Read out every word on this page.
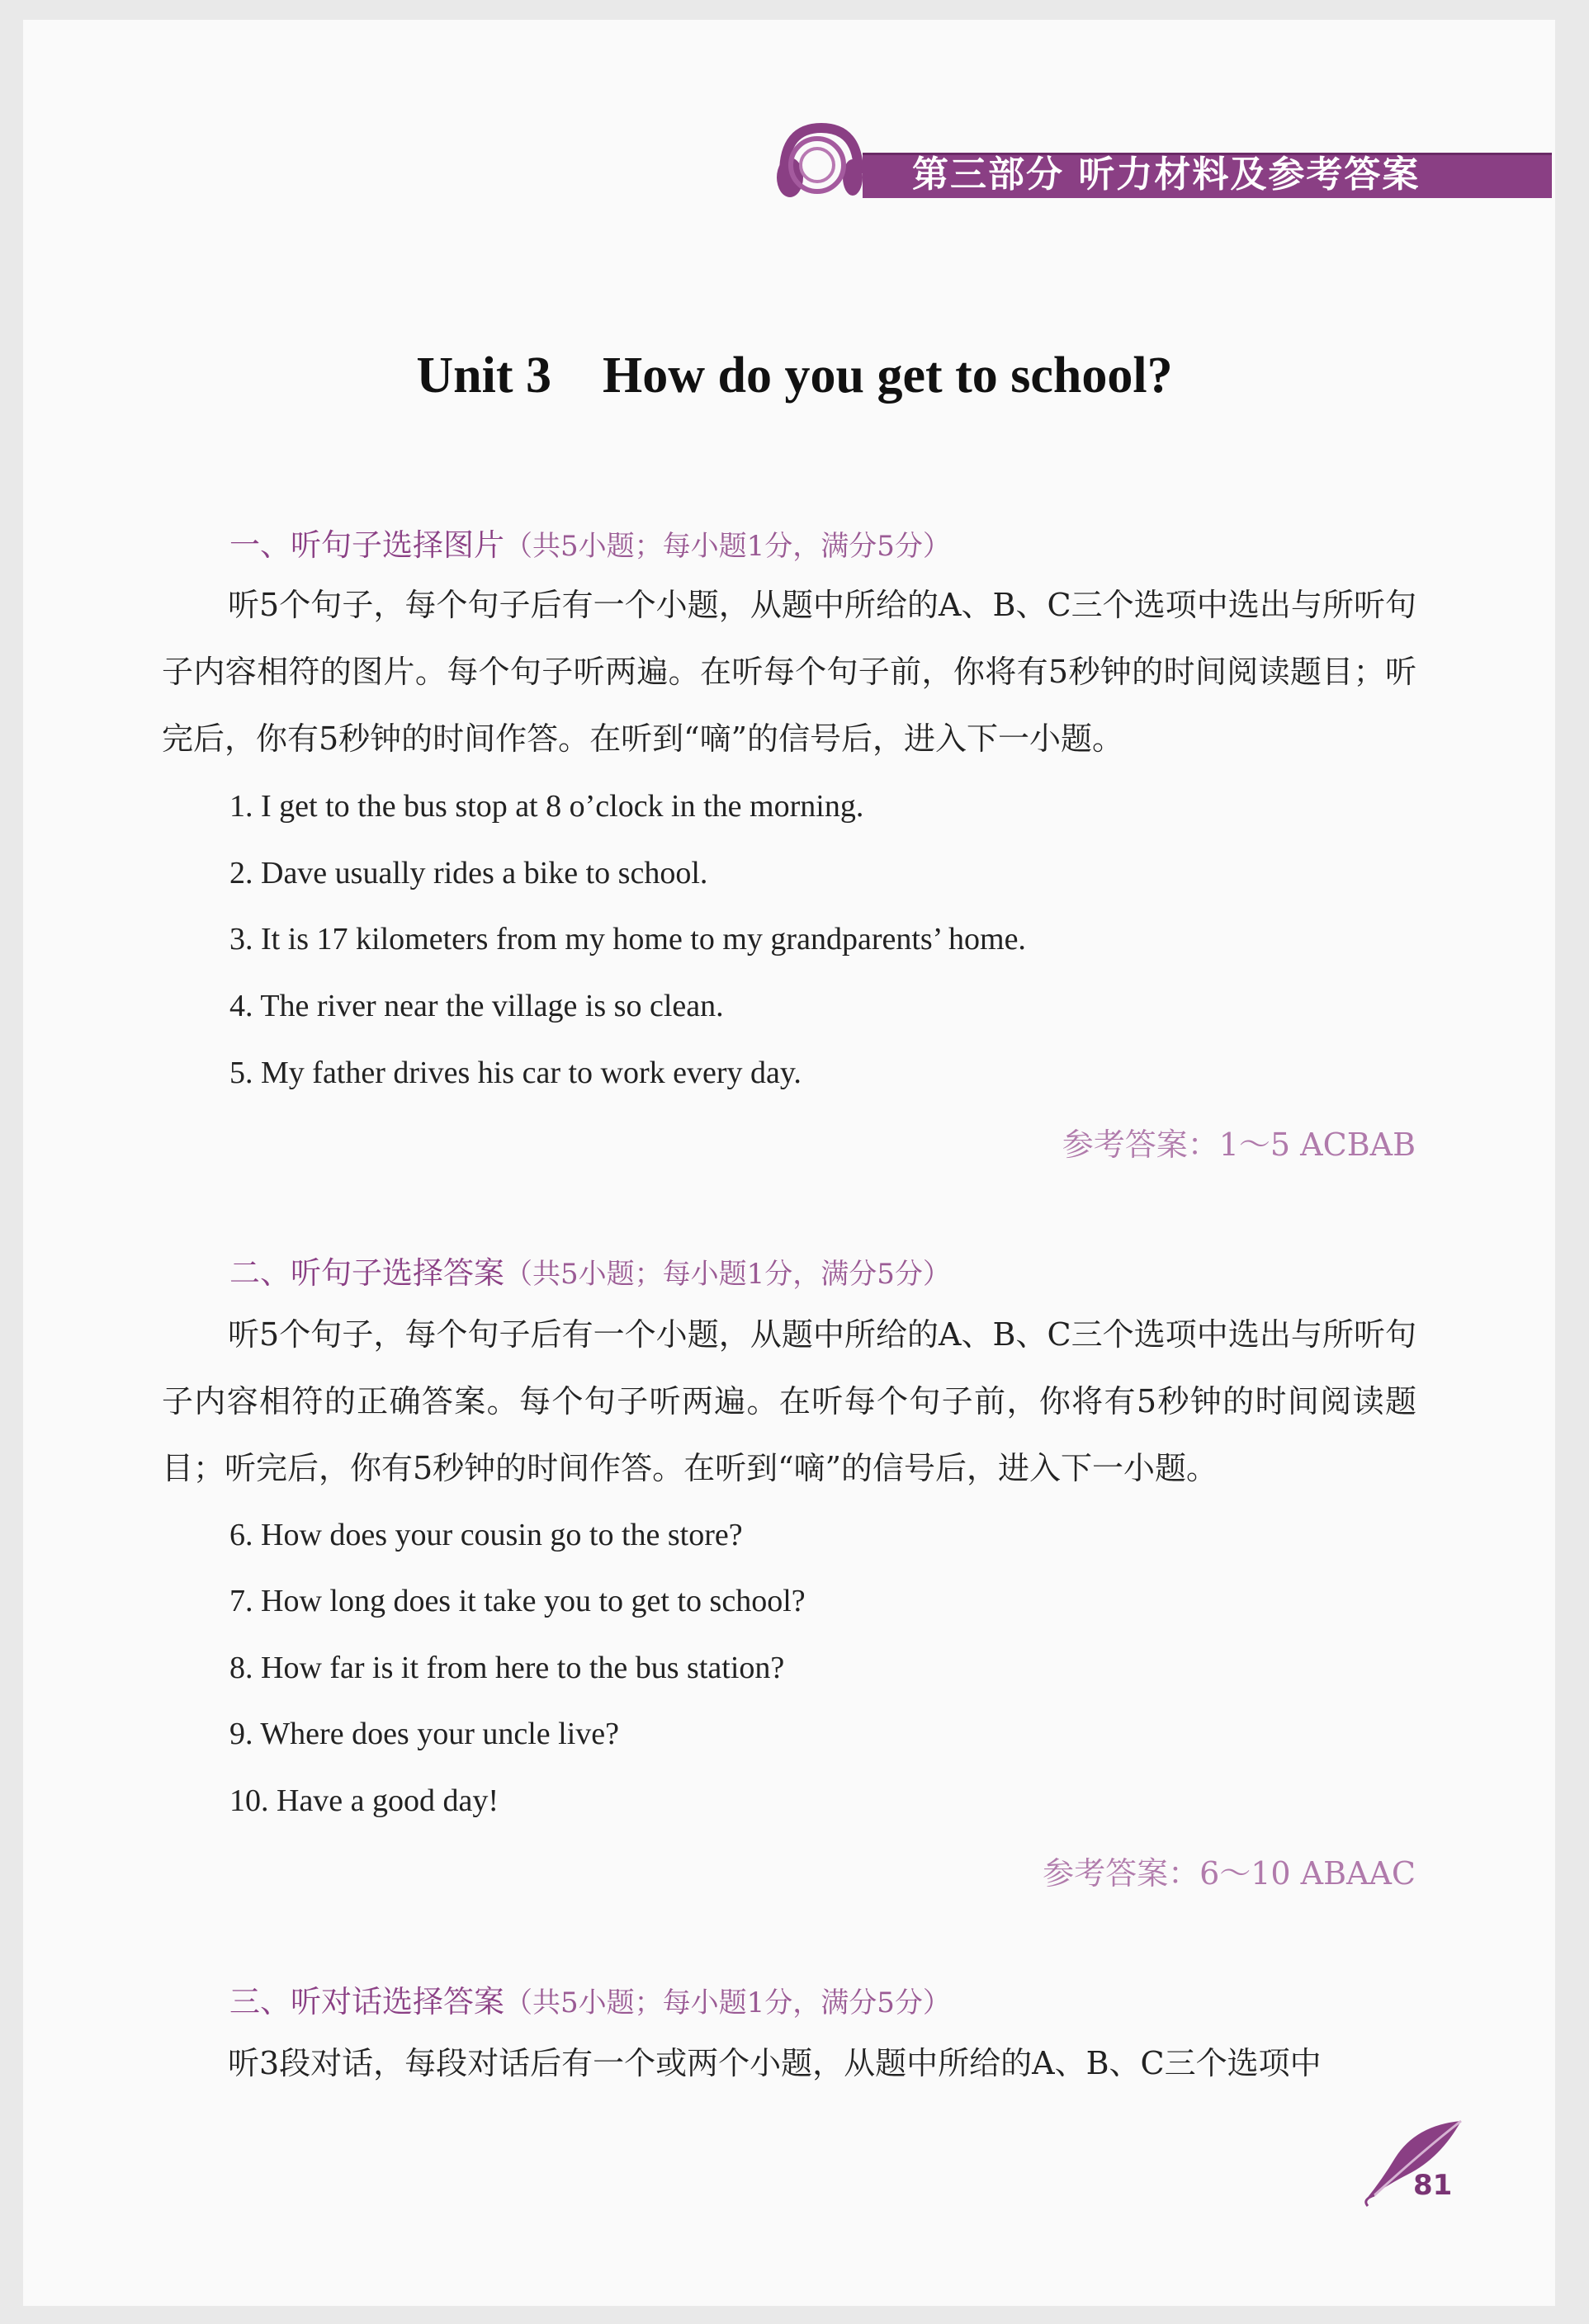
第三部分 听力材料及参考答案
Unit 3    How do you get to school?
一、听句子选择图片（共5小题；每小题1分，满分5分）
听5个句子，每个句子后有一个小题，从题中所给的A、B、C三个选项中选出与所听句子内容相符的图片。每个句子听两遍。在听每个句子前，你将有5秒钟的时间阅读题目；听完后，你有5秒钟的时间作答。在听到“嘀”的信号后，进入下一小题。
1. I get to the bus stop at 8 o’clock in the morning.
2. Dave usually rides a bike to school.
3. It is 17 kilometers from my home to my grandparents’ home.
4. The river near the village is so clean.
5. My father drives his car to work every day.
参考答案：1～5 ACBAB
二、听句子选择答案（共5小题；每小题1分，满分5分）
听5个句子，每个句子后有一个小题，从题中所给的A、B、C三个选项中选出与所听句子内容相符的正确答案。每个句子听两遍。在听每个句子前，你将有5秒钟的时间阅读题目；听完后，你有5秒钟的时间作答。在听到“嘀”的信号后，进入下一小题。
6. How does your cousin go to the store?
7. How long does it take you to get to school?
8. How far is it from here to the bus station?
9. Where does your uncle live?
10. Have a good day!
参考答案：6～10 ABAAC
三、听对话选择答案（共5小题；每小题1分，满分5分）
听3段对话，每段对话后有一个或两个小题，从题中所给的A、B、C三个选项中
81
